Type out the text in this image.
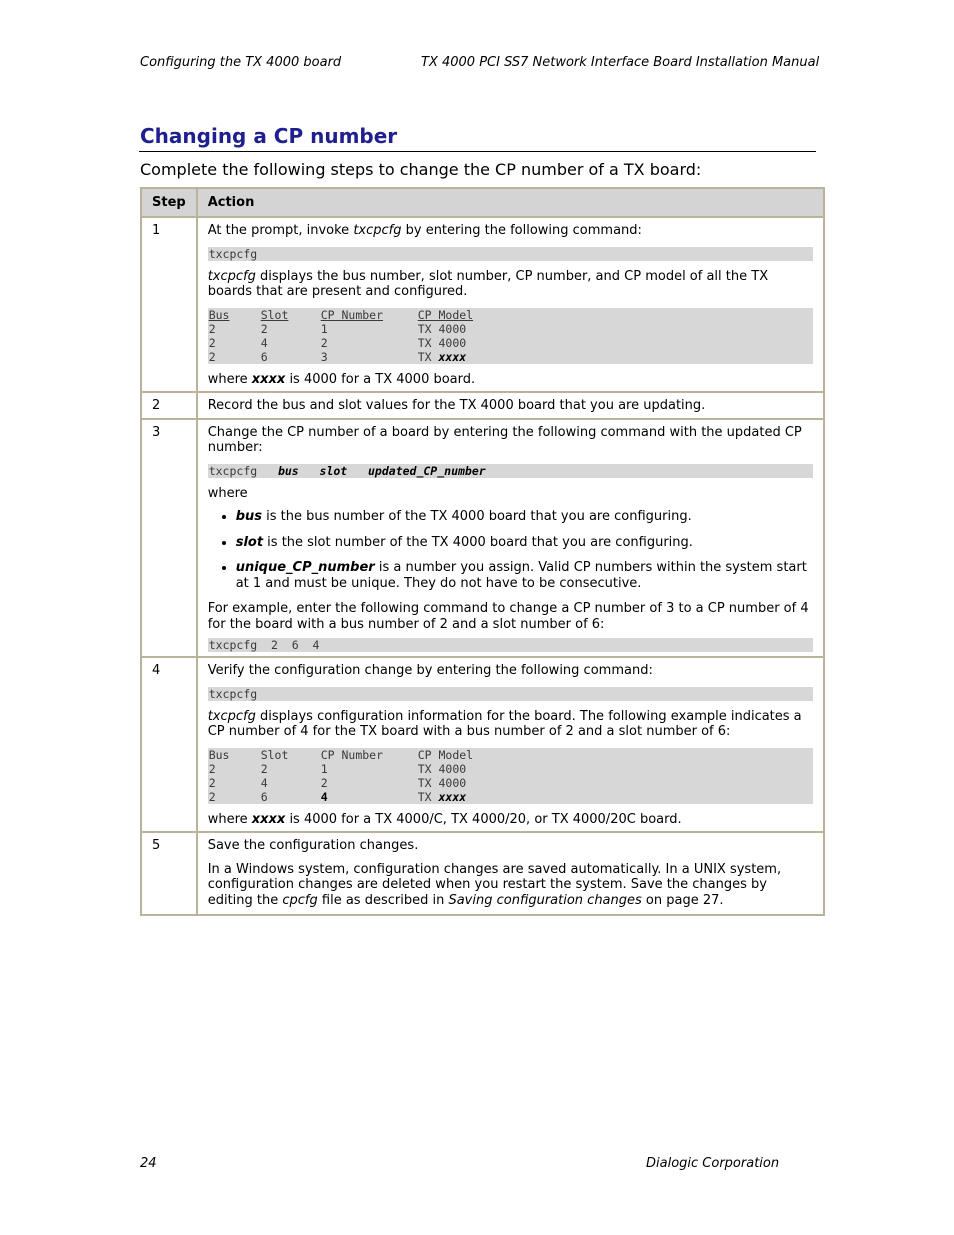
Configuring the TX 4000 board	TX 4000 PCI SS7 Network Interface Board Installation Manual
Changing a CP number
Complete the following steps to change the CP number of a TX board:
Step	Action
1	At the prompt, invoke txcpcfg by entering the following command:
txcpcfg
txcpcfg displays the bus number, slot number, CP number, and CP model of all the TX boards that are present and configured.
Bus	Slot	CP Number	CP Model
2	2	1	TX 4000
2	4	2	TX 4000
2	6	3	TX xxxx
where xxxx is 4000 for a TX 4000 board.

2	Record the bus and slot values for the TX 4000 board that you are updating.

3	Change the CP number of a board by entering the following command with the updated CP number:
txcpcfg bus slot updated_CP_number
where
• bus is the bus number of the TX 4000 board that you are configuring.
• slot is the slot number of the TX 4000 board that you are configuring.
• unique_CP_number is a number you assign. Valid CP numbers within the system start at 1 and must be unique. They do not have to be consecutive.
For example, enter the following command to change a CP number of 3 to a CP number of 4 for the board with a bus number of 2 and a slot number of 6:
txcpcfg  2  6  4

4	Verify the configuration change by entering the following command:
txcpcfg
txcpcfg displays configuration information for the board. The following example indicates a CP number of 4 for the TX board with a bus number of 2 and a slot number of 6:
Bus	Slot	CP Number	CP Model
2	2	1	TX 4000
2	4	2	TX 4000
2	6	4	TX xxxx
where xxxx is 4000 for a TX 4000/C, TX 4000/20, or TX 4000/20C board.

5	Save the configuration changes.
In a Windows system, configuration changes are saved automatically. In a UNIX system, configuration changes are deleted when you restart the system. Save the changes by editing the cpcfg file as described in Saving configuration changes on page 27.
24	Dialogic Corporation
